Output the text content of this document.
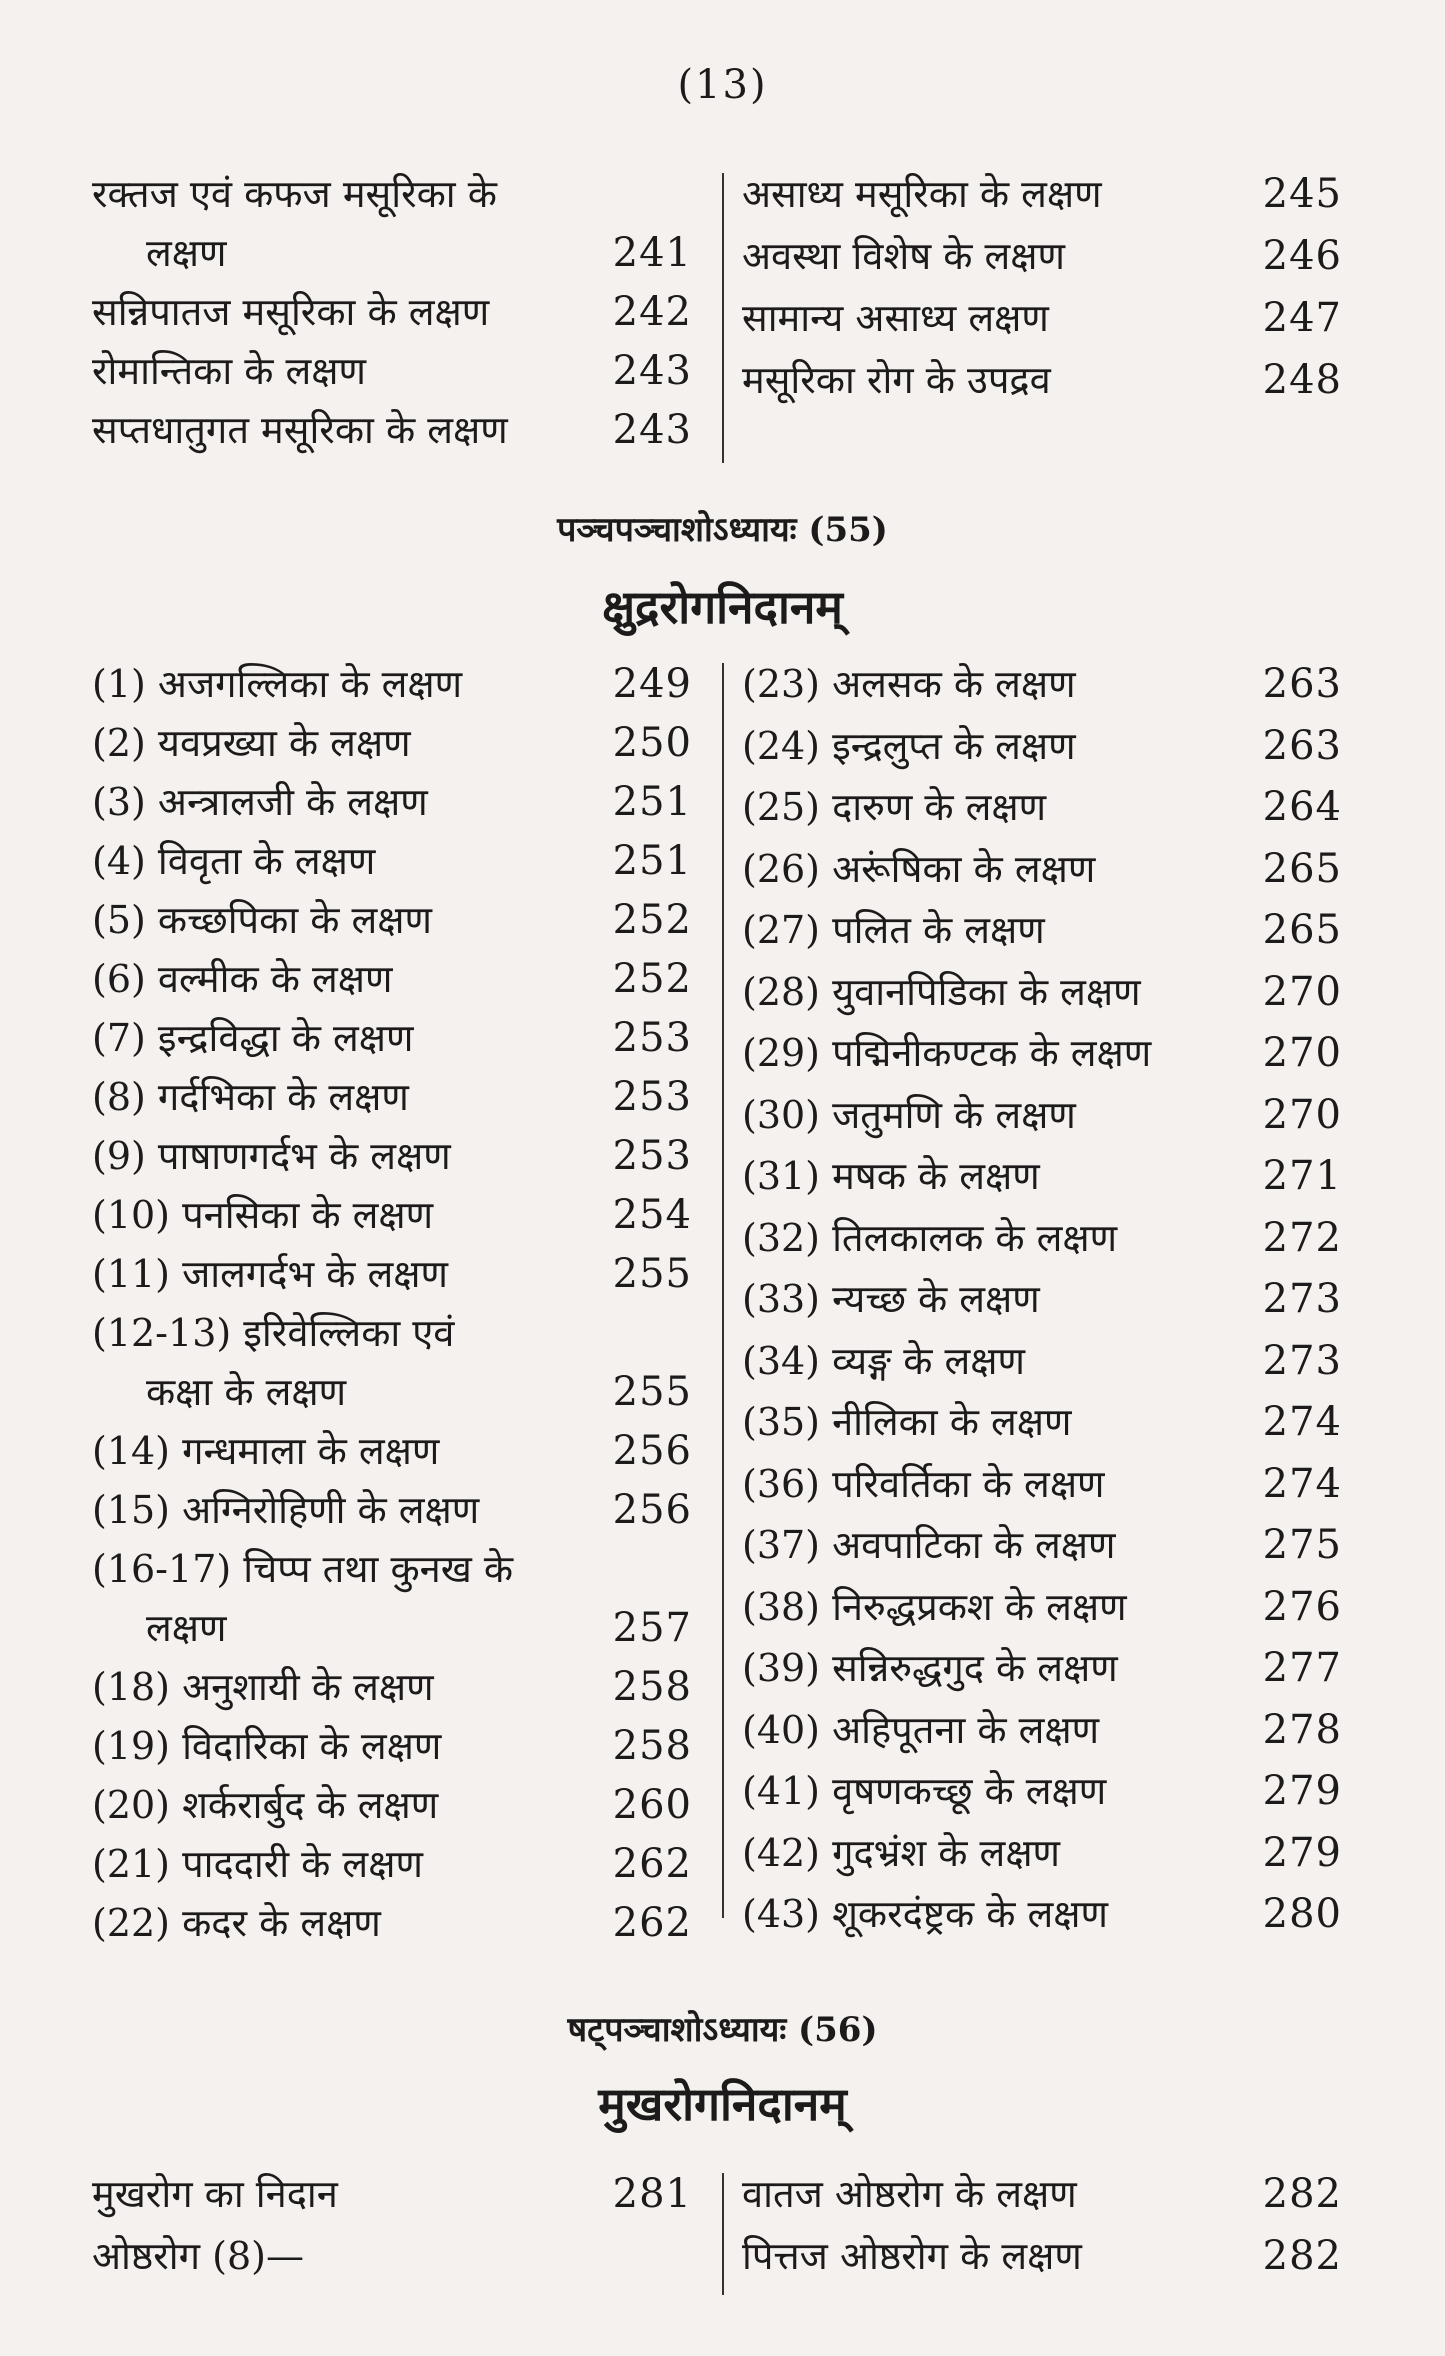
(13)
रक्तज एवं कफज मसूरिका के
लक्षण	241
सन्निपातज मसूरिका के लक्षण	242
रोमान्तिका के लक्षण	243
सप्तधातुगत मसूरिका के लक्षण	243
असाध्य मसूरिका के लक्षण	245
अवस्था विशेष के लक्षण	246
सामान्य असाध्य लक्षण	247
मसूरिका रोग के उपद्रव	248
पञ्चपञ्चाशोऽध्यायः (55)
क्षुद्ररोगनिदानम्
(1) अजगल्लिका के लक्षण	249
(2) यवप्रख्या के लक्षण	250
(3) अन्त्रालजी के लक्षण	251
(4) विवृता के लक्षण	251
(5) कच्छपिका के लक्षण	252
(6) वल्मीक के लक्षण	252
(7) इन्द्रविद्धा के लक्षण	253
(8) गर्दभिका के लक्षण	253
(9) पाषाणगर्दभ के लक्षण	253
(10) पनसिका के लक्षण	254
(11) जालगर्दभ के लक्षण	255
(12-13) इरिवेल्लिका एवं
कक्षा के लक्षण	255
(14) गन्धमाला के लक्षण	256
(15) अग्निरोहिणी के लक्षण	256
(16-17) चिप्प तथा कुनख के
लक्षण	257
(18) अनुशायी के लक्षण	258
(19) विदारिका के लक्षण	258
(20) शर्करार्बुद के लक्षण	260
(21) पाददारी के लक्षण	262
(22) कदर के लक्षण	262
(23) अलसक के लक्षण	263
(24) इन्द्रलुप्त के लक्षण	263
(25) दारुण के लक्षण	264
(26) अरूंषिका के लक्षण	265
(27) पलित के लक्षण	265
(28) युवानपिडिका के लक्षण	270
(29) पद्मिनीकण्टक के लक्षण	270
(30) जतुमणि के लक्षण	270
(31) मषक के लक्षण	271
(32) तिलकालक के लक्षण	272
(33) न्यच्छ के लक्षण	273
(34) व्यङ्ग के लक्षण	273
(35) नीलिका के लक्षण	274
(36) परिवर्तिका के लक्षण	274
(37) अवपाटिका के लक्षण	275
(38) निरुद्धप्रकश के लक्षण	276
(39) सन्निरुद्धगुद के लक्षण	277
(40) अहिपूतना के लक्षण	278
(41) वृषणकच्छू के लक्षण	279
(42) गुदभ्रंश के लक्षण	279
(43) शूकरदंष्ट्रक के लक्षण	280
षट्पञ्चाशोऽध्यायः (56)
मुखरोगनिदानम्
मुखरोग का निदान	281
ओष्ठरोग (8)—
वातज ओष्ठरोग के लक्षण	282
पित्तज ओष्ठरोग के लक्षण	282
